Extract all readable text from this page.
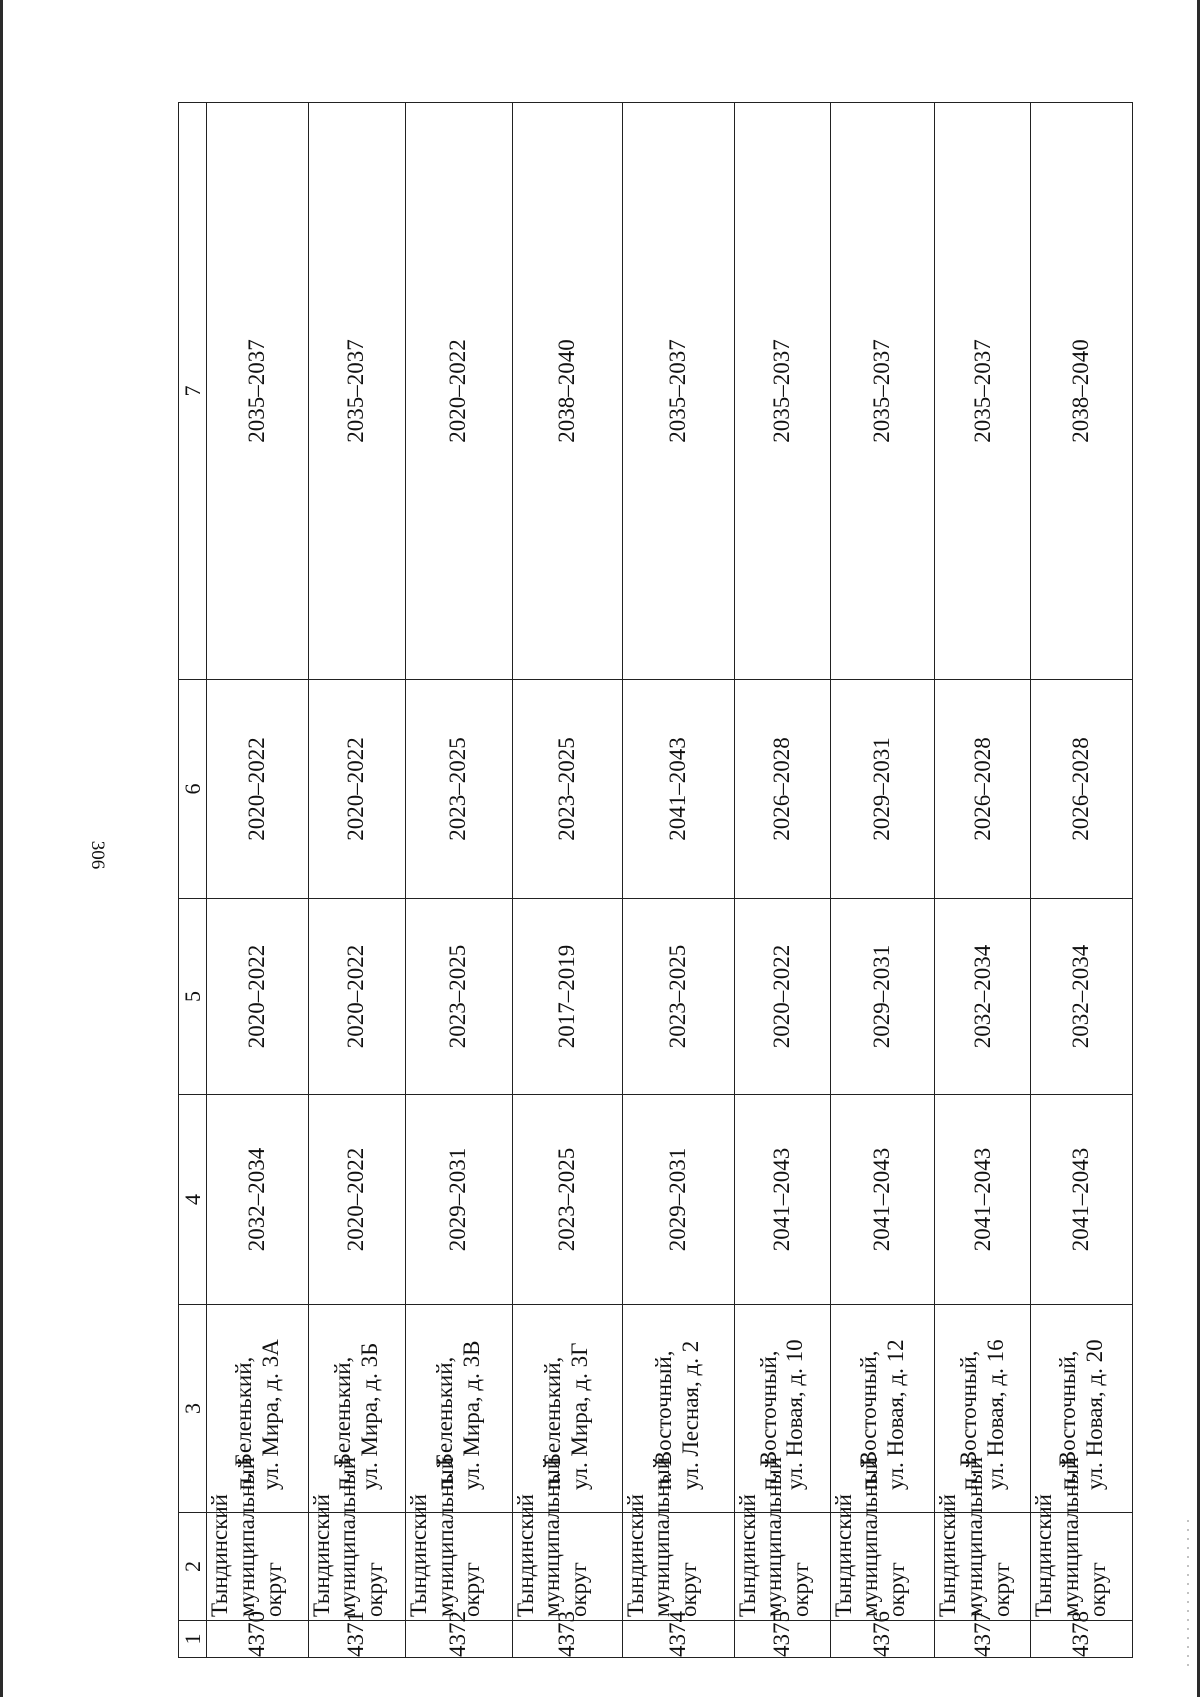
306
1	2	3	4	5	6	7
4370	Тындинский
муниципальный
округ	п. Беленький,
ул. Мира, д. 3А	2032–2034	2020–2022	2020–2022	2035–2037
4371	Тындинский
муниципальный
округ	п. Беленький,
ул. Мира, д. 3Б	2020–2022	2020–2022	2020–2022	2035–2037
4372	Тындинский
муниципальный
округ	п. Беленький,
ул. Мира, д. 3В	2029–2031	2023–2025	2023–2025	2020–2022
4373	Тындинский
муниципальный
округ	п. Беленький,
ул. Мира, д. 3Г	2023–2025	2017–2019	2023–2025	2038–2040
4374	Тындинский
муниципальный
округ	п. Восточный,
ул. Лесная, д. 2	2029–2031	2023–2025	2041–2043	2035–2037
4375	Тындинский
муниципальный
округ	п. Восточный,
ул. Новая, д. 10	2041–2043	2020–2022	2026–2028	2035–2037
4376	Тындинский
муниципальный
округ	п. Восточный,
ул. Новая, д. 12	2041–2043	2029–2031	2029–2031	2035–2037
4377	Тындинский
муниципальный
округ	п. Восточный,
ул. Новая, д. 16	2041–2043	2032–2034	2026–2028	2035–2037
4378	Тындинский
муниципальный
округ	п. Восточный,
ул. Новая, д. 20	2041–2043	2032–2034	2026–2028	2038–2040
